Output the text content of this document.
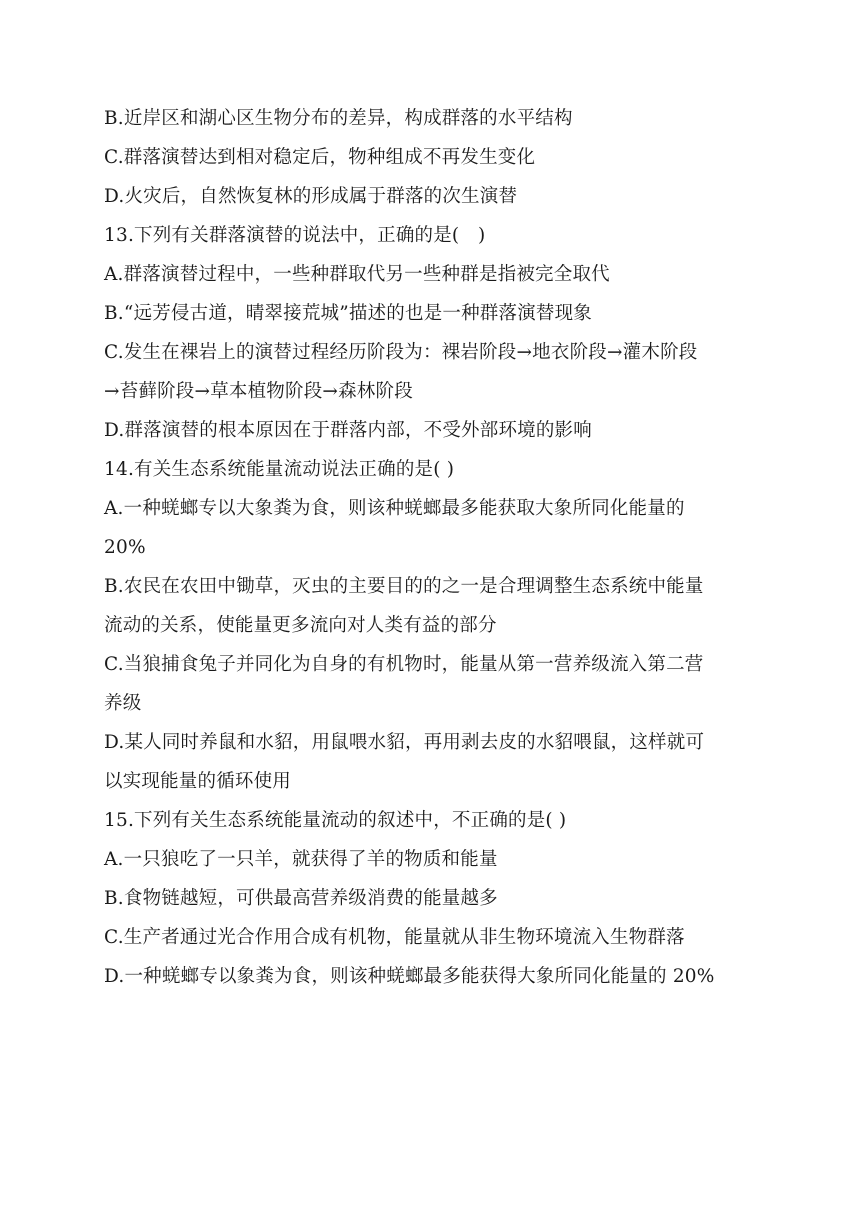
B.近岸区和湖心区生物分布的差异，构成群落的水平结构
C.群落演替达到相对稳定后，物种组成不再发生变化
D.火灾后，自然恢复林的形成属于群落的次生演替
13.下列有关群落演替的说法中，正确的是(　)
A.群落演替过程中，一些种群取代另一些种群是指被完全取代
B.“远芳侵古道，晴翠接荒城”描述的也是一种群落演替现象
C.发生在裸岩上的演替过程经历阶段为：裸岩阶段→地衣阶段→灌木阶段
→苔藓阶段→草本植物阶段→森林阶段
D.群落演替的根本原因在于群落内部，不受外部环境的影响
14.有关生态系统能量流动说法正确的是( )
A.一种蜣螂专以大象粪为食，则该种蜣螂最多能获取大象所同化能量的
20%
B.农民在农田中锄草，灭虫的主要目的的之一是合理调整生态系统中能量
流动的关系，使能量更多流向对人类有益的部分
C.当狼捕食兔子并同化为自身的有机物时，能量从第一营养级流入第二营
养级
D.某人同时养鼠和水貂，用鼠喂水貂，再用剥去皮的水貂喂鼠，这样就可
以实现能量的循环使用
15.下列有关生态系统能量流动的叙述中，不正确的是( )
A.一只狼吃了一只羊，就获得了羊的物质和能量
B.食物链越短，可供最高营养级消费的能量越多
C.生产者通过光合作用合成有机物，能量就从非生物环境流入生物群落
D.一种蜣螂专以象粪为食，则该种蜣螂最多能获得大象所同化能量的 20%
